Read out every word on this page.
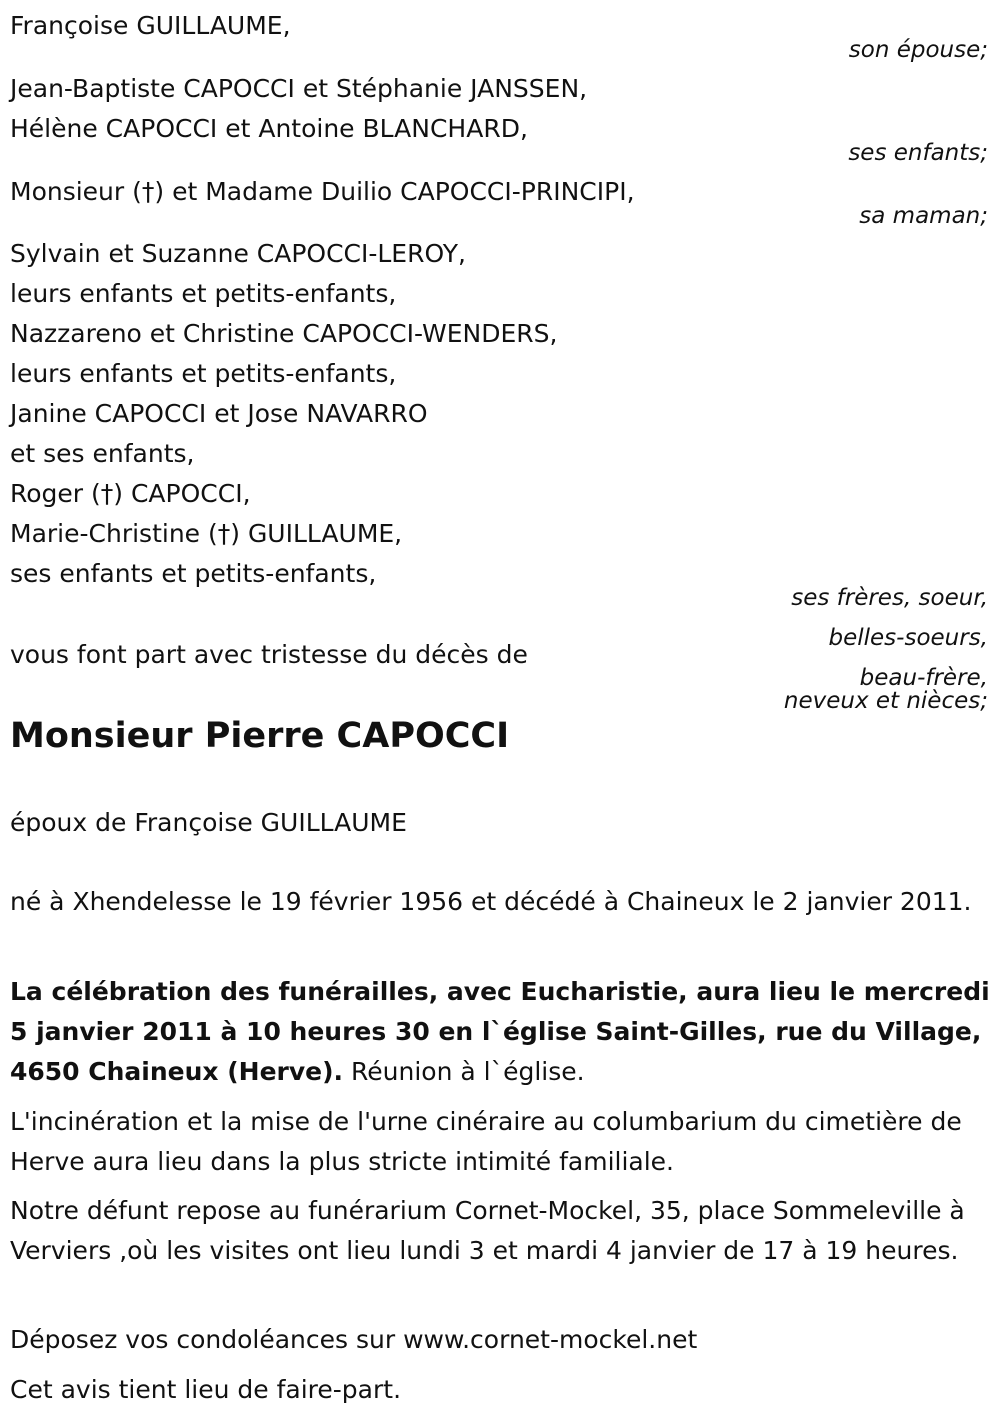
Françoise GUILLAUME,
son épouse;
Jean-Baptiste CAPOCCI et Stéphanie JANSSEN,
Hélène CAPOCCI et Antoine BLANCHARD,
ses enfants;
Monsieur (†) et Madame Duilio CAPOCCI-PRINCIPI,
sa maman;
Sylvain et Suzanne CAPOCCI-LEROY,
leurs enfants et petits-enfants,
Nazzareno et Christine CAPOCCI-WENDERS,
leurs enfants et petits-enfants,
Janine CAPOCCI et Jose NAVARRO
et ses enfants,
Roger (†) CAPOCCI,
Marie-Christine (†) GUILLAUME,
ses enfants et petits-enfants,
ses frères, soeur,
belles-soeurs,
beau-frère,
neveux et nièces;
vous font part avec tristesse du décès de
Monsieur Pierre CAPOCCI
époux de Françoise GUILLAUME
né à Xhendelesse le 19 février 1956 et décédé à Chaineux le 2 janvier 2011.
La célébration des funérailles, avec Eucharistie, aura lieu le mercredi 5 janvier 2011 à 10 heures 30 en l`église Saint-Gilles, rue du Village, 4650 Chaineux (Herve). Réunion à l`église.
L'incinération et la mise de l'urne cinéraire au columbarium du cimetière de Herve aura lieu dans la plus stricte intimité familiale.
Notre défunt repose au funérarium Cornet-Mockel, 35, place Sommeleville à Verviers ,où les visites ont lieu lundi 3 et mardi 4 janvier de 17 à 19 heures.
Déposez vos condoléances sur www.cornet-mockel.net
Cet avis tient lieu de faire-part.
